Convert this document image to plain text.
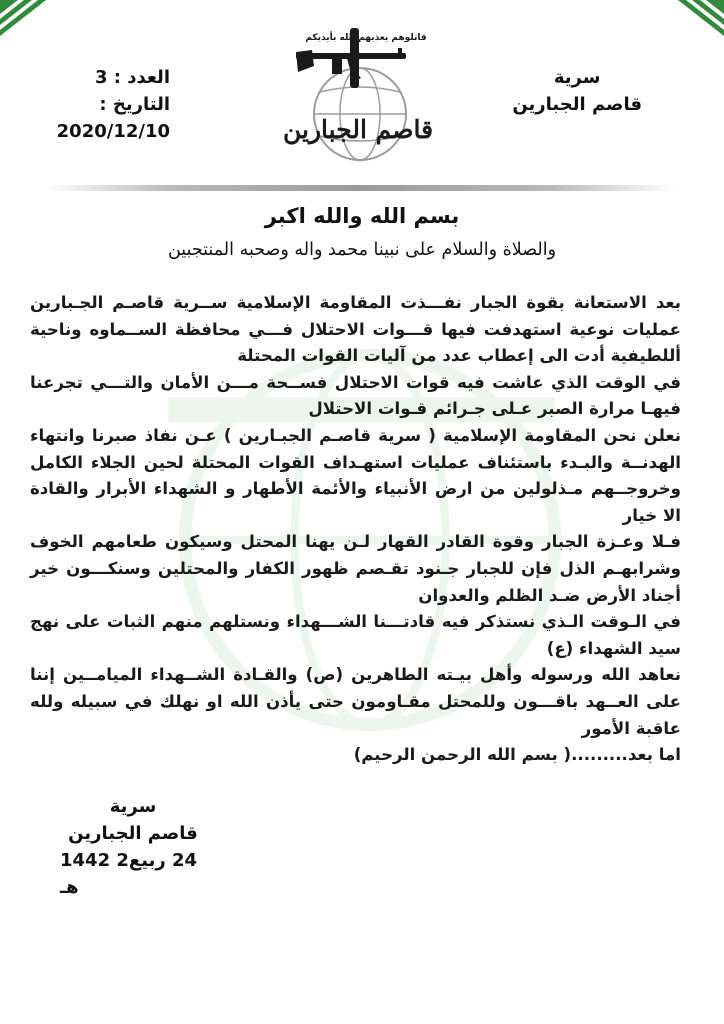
العدد : 3
التاريخ : 2020/12/10
سرية
قاصم الجبارين
قاتلوهم يعذبهم الله بأيديكم
قاصم الجبارين
بسم الله والله اكبر
والصلاة والسلام على نبينا محمد واله وصحبه المنتجبين

بعد الاستعانة بقوة الجبار نفـــذت المقاومة الإسلامية ســرية قاصـم الجـبارين عمليات نوعية استهدفت فيها قـــوات الاحتلال فـــي محافظة الســماوه وناحية أللطيفية أدت الى إعطاب عدد من آليات القوات المحتلة

في الوقت الذي عاشت فيه قوات الاحتلال فســحة مـــن الأمان والتـــي تجرعنا فيهـا مرارة الصبر عـلى جـرائم قـوات الاحتلال

نعلن نحن المقاومة الإسلامية ( سرية قاصـم الجبـارين ) عـن نفاذ صبرنا وانتهاء الهدنــة والبـدء باستئناف عمليات استهـداف القوات المحتلة لحين الجلاء الكامل وخروجــهم مـذلولين من ارض الأنبياء والأئمة الأطهار و الشهداء الأبرار والقادة الا خيار

فـلا وعـزة الجبار وقوة القادر القهار لـن يهنا المحتل وسيكون طعامهم الخوف وشرابهـم الذل فإن للجبار جـنود تقـصم ظهور الكفار والمحتلين وسنكـــون خير أجناد الأرض ضـد الظلم والعدوان

في الـوقت الـذي نستذكر فيه قادتـــنا الشـــهداء ونستلهم منهم الثبات على نهج سيد الشهداء (ع)

نعاهد الله ورسوله وأهل بيـته الطاهرين (ص) والقـادة الشــهداء الميامــين إننا على العــهد باقـــون وللمحتل مقـاومون حتى يأذن الله او نهلك في سبيله ولله عاقبة الأمور

اما بعد.........( بسم الله الرحمن الرحيم)

سرية
قاصم الجبارين
24 ربيع2 1442 هـ
